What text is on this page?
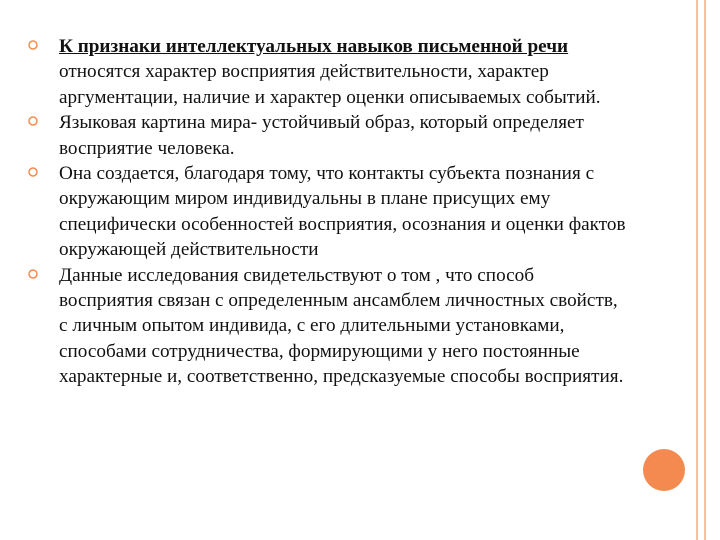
К признаки интеллектуальных навыков письменной речи относятся характер восприятия действительности, характер аргументации, наличие и характер оценки описываемых событий.

Языковая картина мира- устойчивый образ, который определяет восприятие человека.

Она создается, благодаря тому, что контакты субъекта познания с окружающим миром индивидуальны в плане присущих ему специфически особенностей восприятия, осознания и оценки фактов окружающей действительности

Данные исследования свидетельствуют о том , что способ восприятия связан с определенным ансамблем личностных свойств, с личным опытом индивида, с его длительными установками, способами сотрудничества, формирующими у него постоянные характерные и, соответственно, предсказуемые способы восприятия.
